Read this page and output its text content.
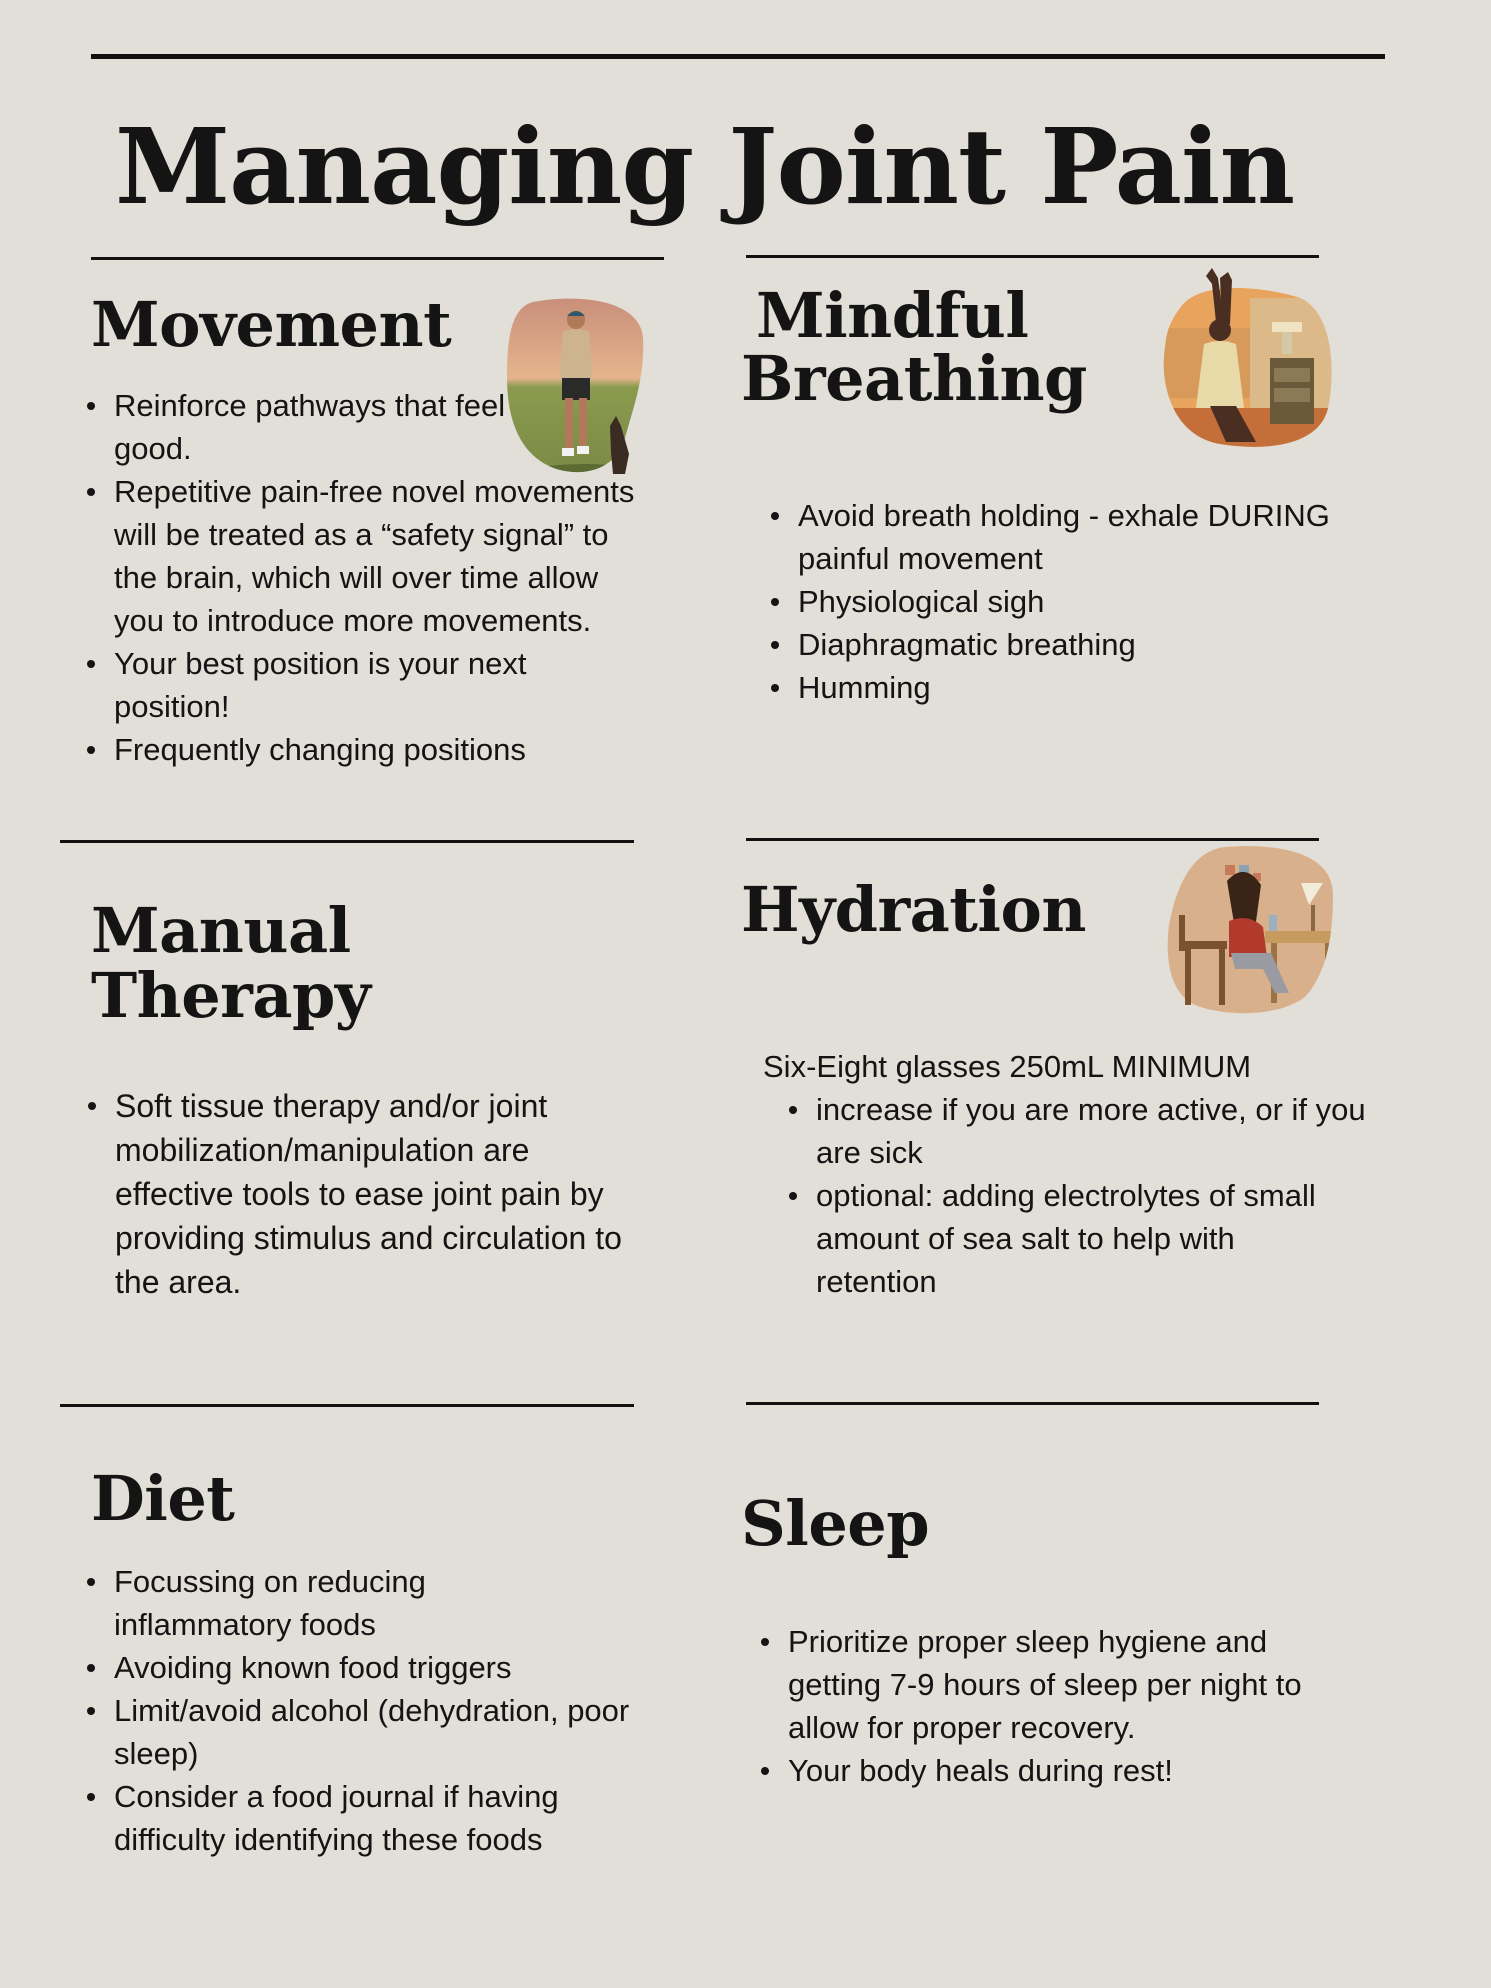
Managing Joint Pain
Movement
Reinforce pathways that feel good.
Repetitive pain-free novel movements will be treated as a “safety signal” to the brain, which will over time allow you to introduce more movements.
Your best position is your next position!
Frequently changing positions
Mindful
Breathing
Avoid breath holding - exhale DURING painful movement
Physiological sigh
Diaphragmatic breathing
Humming
Manual
Therapy
Soft tissue therapy and/or joint mobilization/manipulation are effective tools to ease joint pain by providing stimulus and circulation to the area.
Hydration

Six-Eight glasses 250mL MINIMUM

increase if you are more active, or if you are sick
optional: adding electrolytes of small amount of sea salt to help with retention
Diet
Focussing on reducing inflammatory foods
Avoiding known food triggers
Limit/avoid alcohol (dehydration, poor sleep)
Consider a food journal if having difficulty identifying these foods
Sleep
Prioritize proper sleep hygiene and getting 7-9 hours of sleep per night to allow for proper recovery.
Your body heals during rest!
